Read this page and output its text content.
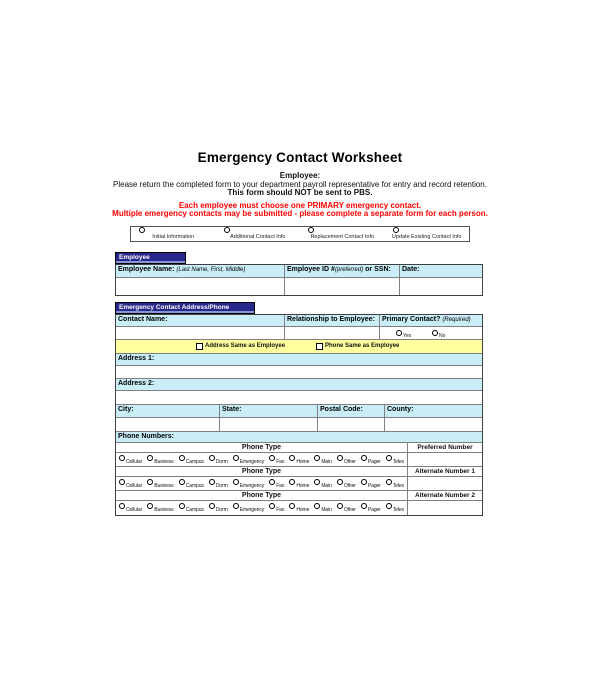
Emergency Contact Worksheet
Employee:
Please return the completed form to your department payroll representative for entry and record retention.
This form should NOT be sent to PBS.
Each employee must choose one PRIMARY emergency contact.
Multiple emergency contacts may be submitted - please complete a separate form for each person.
Initial Information	Additional Contact Info	Replacement Contact Info	Update Existing Contact Info
Employee
Employee Name: (Last Name, First, Middle)	Employee ID #(preferred) or SSN:	Date:
Emergency Contact Address/Phone
Contact Name:	Relationship to Employee:	Primary Contact? (Required)
Yes	No
Address Same as Employee	Phone Same as Employee
Address 1:
Address 2:
City:	State:	Postal Code:	County:
Phone Numbers:
Phone Type	Preferred Number
Cellular Business Campus Dorm Emergency Fax Home Main Other Pager Telex
Phone Type	Alternate Number 1
Cellular Business Campus Dorm Emergency Fax Home Main Other Pager Telex
Phone Type	Alternate Number 2
Cellular Business Campus Dorm Emergency Fax Home Main Other Pager Telex
